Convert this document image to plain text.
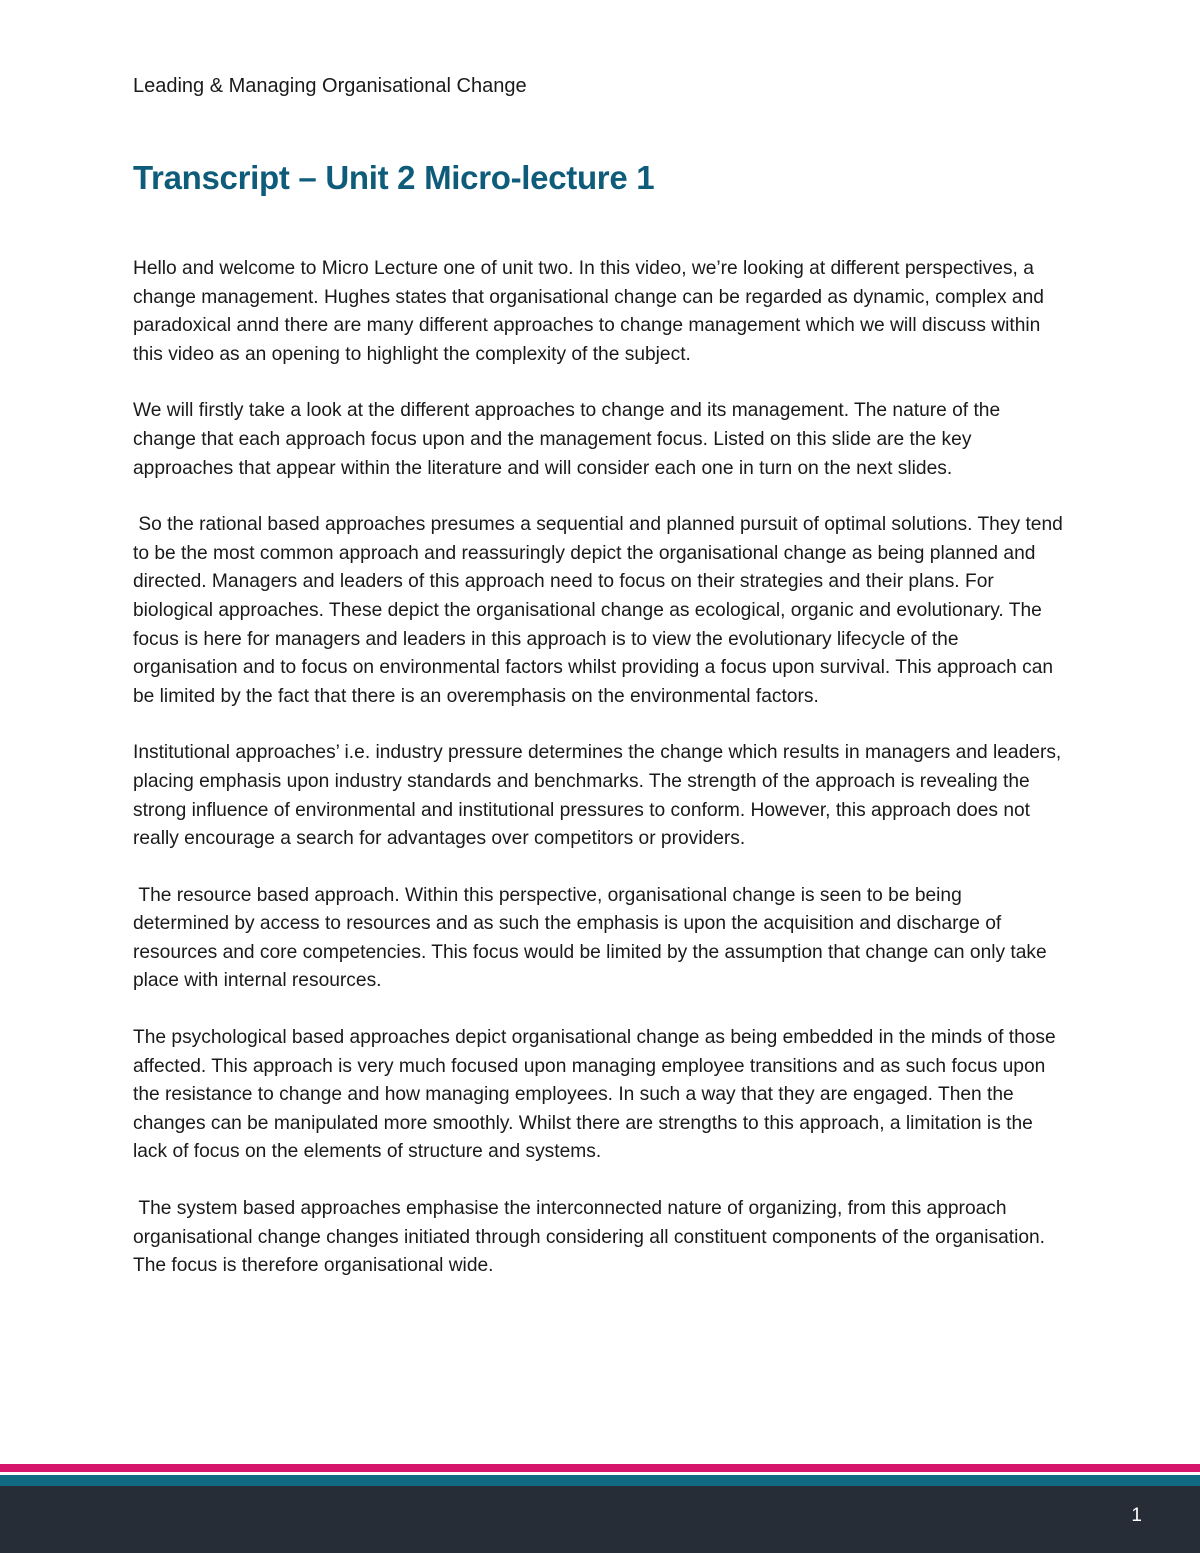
Leading & Managing Organisational Change
Transcript – Unit 2 Micro-lecture 1

Hello and welcome to Micro Lecture one of unit two. In this video, we’re looking at different perspectives, a change management. Hughes states that organisational change can be regarded as dynamic, complex and paradoxical annd there are many different approaches to change management which we will discuss within this video as an opening to highlight the complexity of the subject.

We will firstly take a look at the different approaches to change and its management. The nature of the change that each approach focus upon and the management focus. Listed on this slide are the key approaches that appear within the literature and will consider each one in turn on the next slides.

So the rational based approaches presumes a sequential and planned pursuit of optimal solutions. They tend to be the most common approach and reassuringly depict the organisational change as being planned and directed. Managers and leaders of this approach need to focus on their strategies and their plans. For biological approaches. These depict the organisational change as ecological, organic and evolutionary. The focus is here for managers and leaders in this approach is to view the evolutionary lifecycle of the organisation and to focus on environmental factors whilst providing a focus upon survival. This approach can be limited by the fact that there is an overemphasis on the environmental factors.

Institutional approaches’ i.e. industry pressure determines the change which results in managers and leaders, placing emphasis upon industry standards and benchmarks. The strength of the approach is revealing the strong influence of environmental and institutional pressures to conform. However, this approach does not really encourage a search for advantages over competitors or providers.

The resource based approach. Within this perspective, organisational change is seen to be being determined by access to resources and as such the emphasis is upon the acquisition and discharge of resources and core competencies. This focus would be limited by the assumption that change can only take place with internal resources.

The psychological based approaches depict organisational change as being embedded in the minds of those affected. This approach is very much focused upon managing employee transitions and as such focus upon the resistance to change and how managing employees. In such a way that they are engaged. Then the changes can be manipulated more smoothly. Whilst there are strengths to this approach, a limitation is the lack of focus on the elements of structure and systems.

The system based approaches emphasise the interconnected nature of organizing, from this approach organisational change changes initiated through considering all constituent components of the organisation. The focus is therefore organisational wide.

1
